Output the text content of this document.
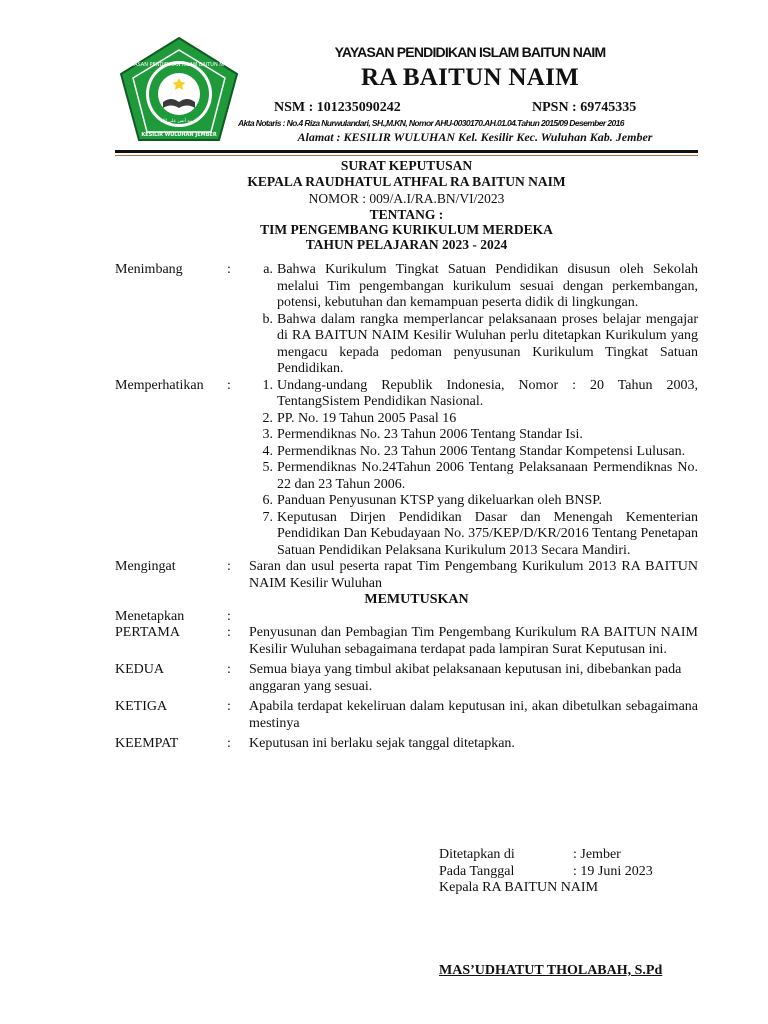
YAYASAN PENDIDIKAN ISLAM BAITUN NAIM
السيد أنس على الله
KESILIR WULUHAN JEMBER
YAYASAN PENDIDIKAN ISLAM BAITUN NAIM
RA BAITUN NAIM
NSM : 101235090242	NPSN : 69745335
Akta Notaris : No.4 Riza Nurwulandari, SH.,M.KN, Nomor AHU-0030170.AH.01.04.Tahun 2015/09 Desember 2016
Alamat : KESILIR WULUHAN Kel. Kesilir Kec. Wuluhan Kab. Jember
SURAT KEPUTUSAN
KEPALA RAUDHATUL ATHFAL RA BAITUN NAIM
NOMOR : 009/A.I/RA.BN/VI/2023
TENTANG :
TIM PENGEMBANG KURIKULUM MERDEKA
TAHUN PELAJARAN 2023 - 2024
Menimbang	:	a. Bahwa Kurikulum Tingkat Satuan Pendidikan disusun oleh Sekolah melalui Tim pengembangan kurikulum sesuai dengan perkembangan, potensi, kebutuhan dan kemampuan peserta didik di lingkungan.
b. Bahwa dalam rangka memperlancar pelaksanaan proses belajar mengajar di RA BAITUN NAIM Kesilir Wuluhan perlu ditetapkan Kurikulum yang mengacu kepada pedoman penyusunan Kurikulum Tingkat Satuan Pendidikan.
Memperhatikan	:	1. Undang-undang Republik Indonesia, Nomor : 20 Tahun 2003, TentangSistem Pendidikan Nasional.
2. PP. No. 19 Tahun 2005 Pasal 16
3. Permendiknas No. 23 Tahun 2006 Tentang Standar Isi.
4. Permendiknas No. 23 Tahun 2006 Tentang Standar Kompetensi Lulusan.
5. Permendiknas No.24Tahun 2006 Tentang Pelaksanaan Permendiknas No. 22 dan 23 Tahun 2006.
6. Panduan Penyusunan KTSP yang dikeluarkan oleh BNSP.
7. Keputusan Dirjen Pendidikan Dasar dan Menengah Kementerian Pendidikan Dan Kebudayaan No. 375/KEP/D/KR/2016 Tentang Penetapan Satuan Pendidikan Pelaksana Kurikulum 2013 Secara Mandiri.
Mengingat	:	Saran dan usul peserta rapat Tim Pengembang Kurikulum 2013 RA BAITUN NAIM Kesilir Wuluhan
MEMUTUSKAN
Menetapkan	:
PERTAMA	:	Penyusunan dan Pembagian Tim Pengembang Kurikulum RA BAITUN NAIM Kesilir Wuluhan sebagaimana terdapat pada lampiran Surat Keputusan ini.
KEDUA	:	Semua biaya yang timbul akibat pelaksanaan keputusan ini, dibebankan pada
anggaran yang sesuai.
KETIGA	:	Apabila terdapat kekeliruan dalam keputusan ini, akan dibetulkan sebagaimana mestinya
KEEMPAT	:	Keputusan ini berlaku sejak tanggal ditetapkan.
Ditetapkan di	: Jember
Pada Tanggal	: 19 Juni 2023
Kepala RA BAITUN NAIM
MAS’UDHATUT THOLABAH, S.Pd
